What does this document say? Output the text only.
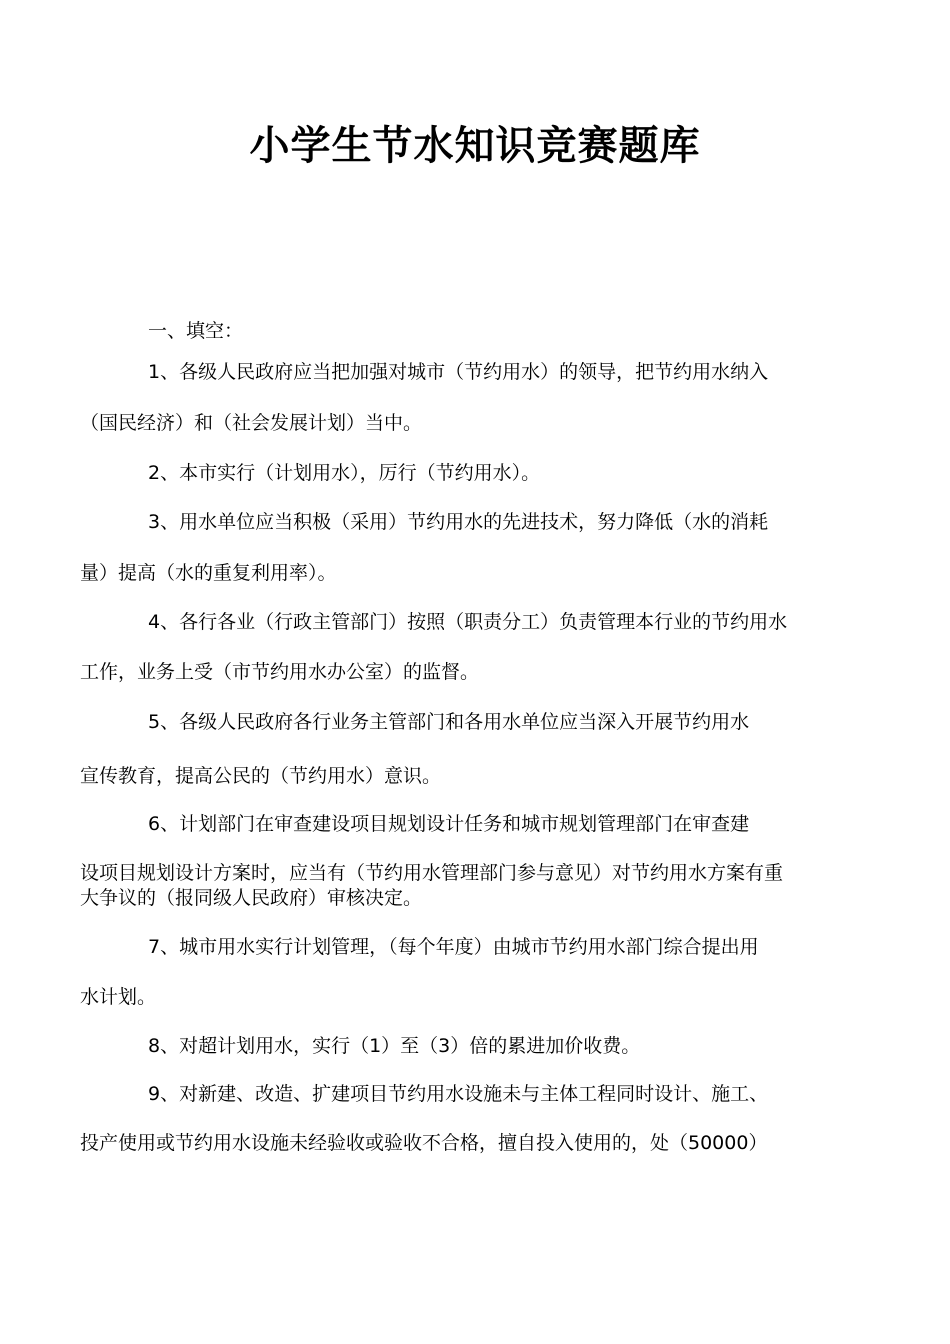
小学生节水知识竞赛题库
一、填空：
1、各级人民政府应当把加强对城市（节约用水）的领导，把节约用水纳入
（国民经济）和（社会发展计划）当中。
2、本市实行（计划用水），厉行（节约用水）。
3、用水单位应当积极（采用）节约用水的先进技术，努力降低（水的消耗
量）提高（水的重复利用率）。
4、各行各业（行政主管部门）按照（职责分工）负责管理本行业的节约用水
工作，业务上受（市节约用水办公室）的监督。
5、各级人民政府各行业务主管部门和各用水单位应当深入开展节约用水
宣传教育，提高公民的（节约用水）意识。
6、计划部门在审查建设项目规划设计任务和城市规划管理部门在审查建
设项目规划设计方案时，应当有（节约用水管理部门参与意见）对节约用水方案有重
大争议的（报同级人民政府）审核决定。
7、城市用水实行计划管理，（每个年度）由城市节约用水部门综合提出用
水计划。
8、对超计划用水，实行（1）至（3）倍的累进加价收费。
9、对新建、改造、扩建项目节约用水设施未与主体工程同时设计、施工、
投产使用或节约用水设施未经验收或验收不合格，擅自投入使用的，处（50000）
